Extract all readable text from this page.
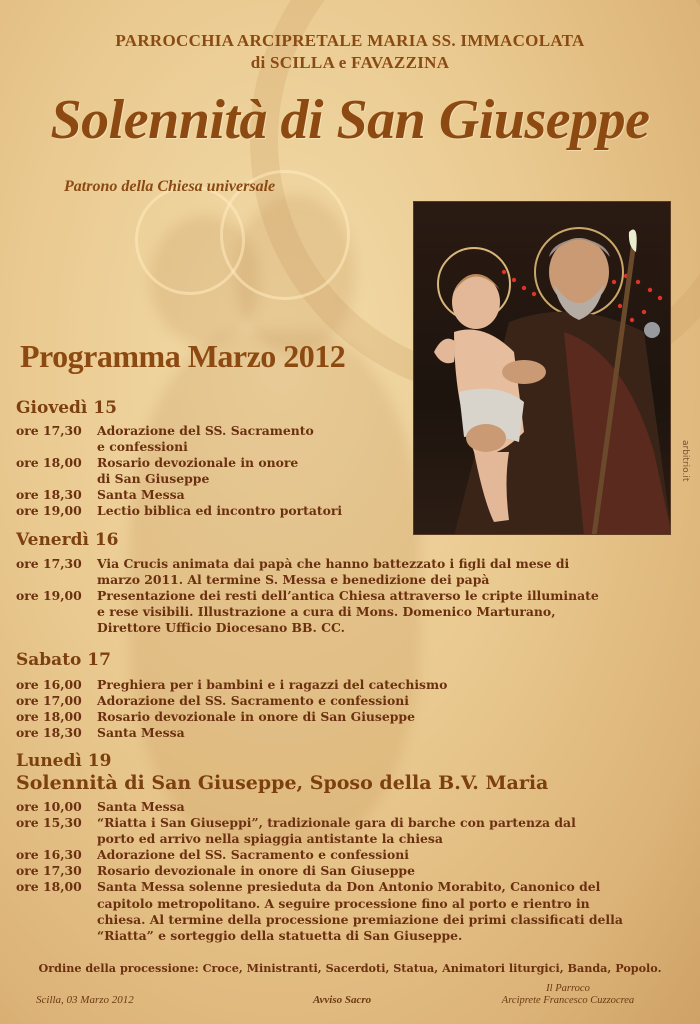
PARROCCHIA ARCIPRETALE MARIA SS. IMMACOLATA
di SCILLA e FAVAZZINA
Solennità di San Giuseppe
Patrono della Chiesa universale
arbitrio.it
Programma Marzo 2012
Giovedì 15
ore 17,30	Adorazione del SS. Sacramento
e confessioni
ore 18,00	Rosario devozionale in onore
di San Giuseppe
ore 18,30	Santa Messa
ore 19,00	Lectio biblica ed incontro portatori
Venerdì 16
ore 17,30	Via Crucis animata dai papà che hanno battezzato i figli dal mese di
marzo 2011. Al termine S. Messa e benedizione dei papà
ore 19,00	Presentazione dei resti dell’antica Chiesa attraverso le cripte illuminate
e rese visibili. Illustrazione a cura di Mons. Domenico Marturano,
Direttore Ufficio Diocesano BB. CC.
Sabato 17
ore 16,00	Preghiera per i bambini e i ragazzi del catechismo
ore 17,00	Adorazione del SS. Sacramento e confessioni
ore 18,00	Rosario devozionale in onore di San Giuseppe
ore 18,30	Santa Messa
Lunedì 19
Solennità di San Giuseppe, Sposo della B.V. Maria
ore 10,00	Santa Messa
ore 15,30	“Riatta i San Giuseppi”, tradizionale gara di barche con partenza dal
porto ed arrivo nella spiaggia antistante la chiesa
ore 16,30	Adorazione del SS. Sacramento e confessioni
ore 17,30	Rosario devozionale in onore di San Giuseppe
ore 18,00	Santa Messa solenne presieduta da Don Antonio Morabito, Canonico del
capitolo metropolitano. A seguire processione fino al porto e rientro in
chiesa. Al termine della processione premiazione dei primi classificati della
“Riatta” e sorteggio della statuetta di San Giuseppe.
Ordine della processione: Croce, Ministranti, Sacerdoti, Statua, Animatori liturgici, Banda, Popolo.
Scilla, 03 Marzo 2012	Avviso Sacro
Il Parroco
Arciprete Francesco Cuzzocrea
